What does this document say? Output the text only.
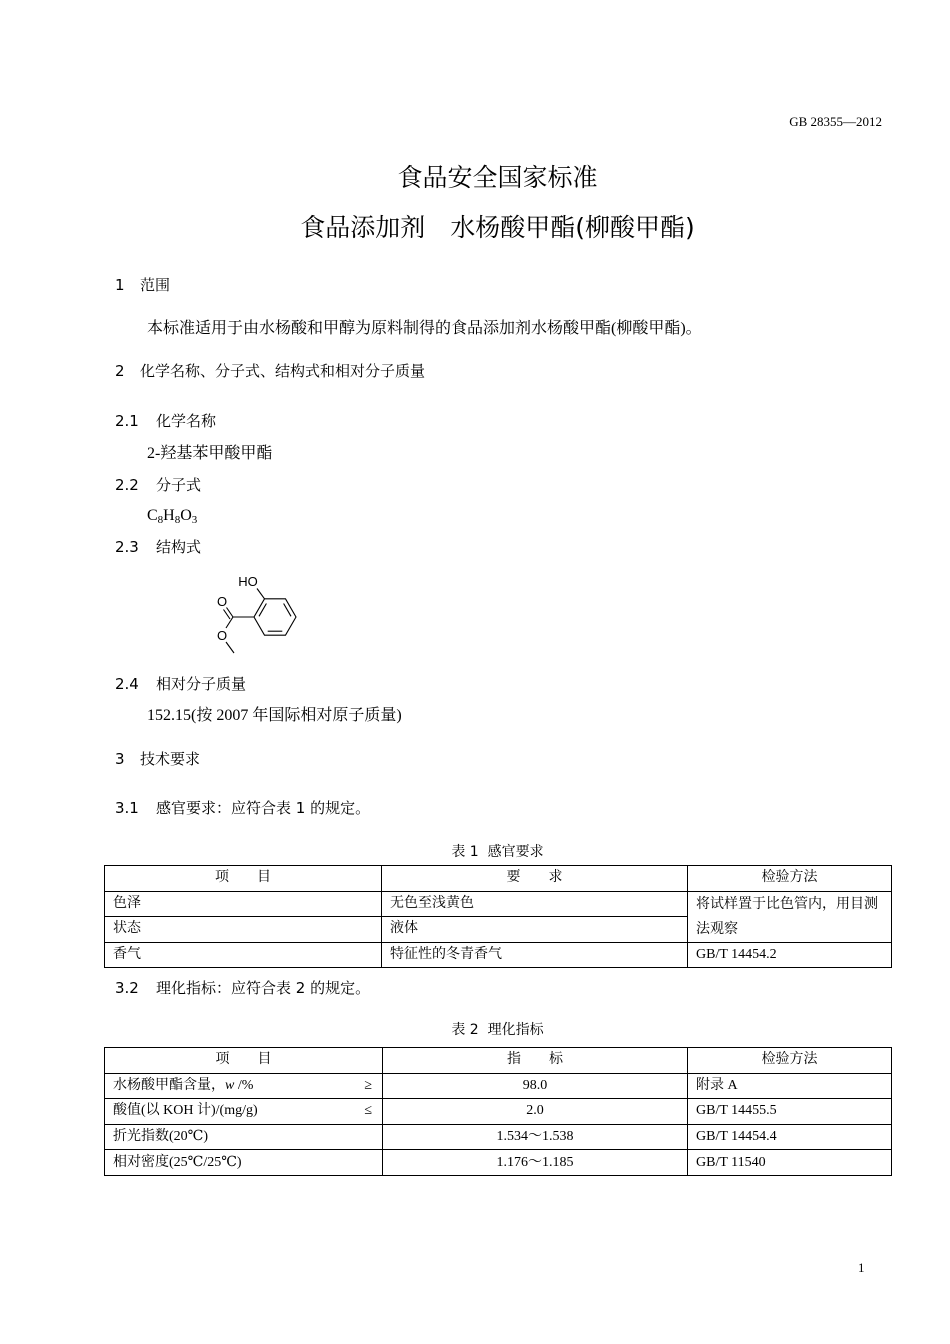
GB 28355—2012
食品安全国家标准
食品添加剂　水杨酸甲酯(柳酸甲酯)
1	范围
本标准适用于由水杨酸和甲醇为原料制得的食品添加剂水杨酸甲酯(柳酸甲酯)。
2	化学名称、分子式、结构式和相对分子质量
2.1	化学名称
2-羟基苯甲酸甲酯
2.2	分子式
$C_8H_8O_3$
2.3	结构式
HO
O
O
2.4	相对分子质量
152.15(按 2007 年国际相对原子质量)
3	技术要求
3.1	感官要求：应符合表 1 的规定。
表 1  感官要求
项　　目	要　　求	检验方法
色泽	无色至浅黄色	将试样置于比色管内，用目测法观察
状态	液体	
香气	特征性的冬青香气	GB/T 14454.2
3.2	理化指标：应符合表 2 的规定。
表 2  理化指标
项　　目	指　　标	检验方法

水杨酸甲酯含量，w /% ≥	98.0	附录 A

酸值(以 KOH 计)/(mg/g) ≤	2.0	GB/T 14455.5
折光指数(20℃)	1.534～1.538	GB/T 14454.4
相对密度(25℃/25℃)	1.176～1.185	GB/T 11540
1
